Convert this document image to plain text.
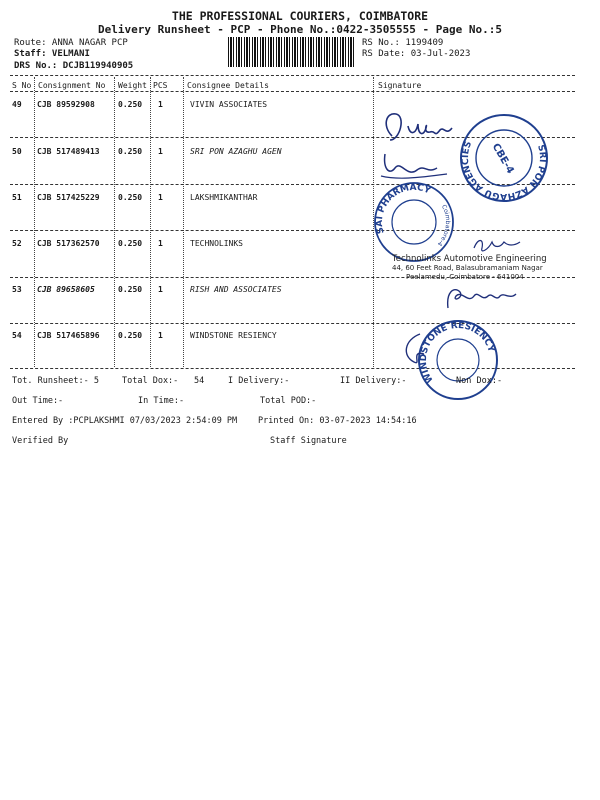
THE PROFESSIONAL COURIERS, COIMBATORE
Delivery Runsheet - PCP - Phone No.:0422-3505555 - Page No.:5
Route: ANNA NAGAR PCP
Staff: VELMANI
DRS No.: DCJB119940905
RS No.: 1199409
RS Date: 03-Jul-2023
S No Consignment No Weight PCS Consignee Details	Signature
49 CJB 89592908	0.250 1	VIVIN ASSOCIATES
50 CJB 517489413 0.250 1	SRI PON AZAGHU AGEN
51 CJB 517425229 0.250 1	LAKSHMIKANTHAR
52 CJB 517362570 0.250 1	TECHNOLINKS
53 CJB 89658605	0.250 1	RISH AND ASSOCIATES
54 CJB 517465896 0.250 1	WINDSTONE RESIENCY
SRI PON AZHAGU AGENCIES	CBE-4
SAI PHARMACY
Coimbatore-4
Technolinks Automotive Engineering
44, 60 Feet Road, Balasubramaniam Nagar
Peelamedu, Coimbatore - 641004
WINDSTONE RESIENCY
Tot. Runsheet:- 5	Total Dox:- 54	I Delivery:-	II Delivery:-	Non Dox:-
Out Time:-	In Time:-	Total POD:-
Entered By :PCPLAKSHMI 07/03/2023 2:54:09 PM Printed On: 03-07-2023 14:54:16
Verified By	Staff Signature
